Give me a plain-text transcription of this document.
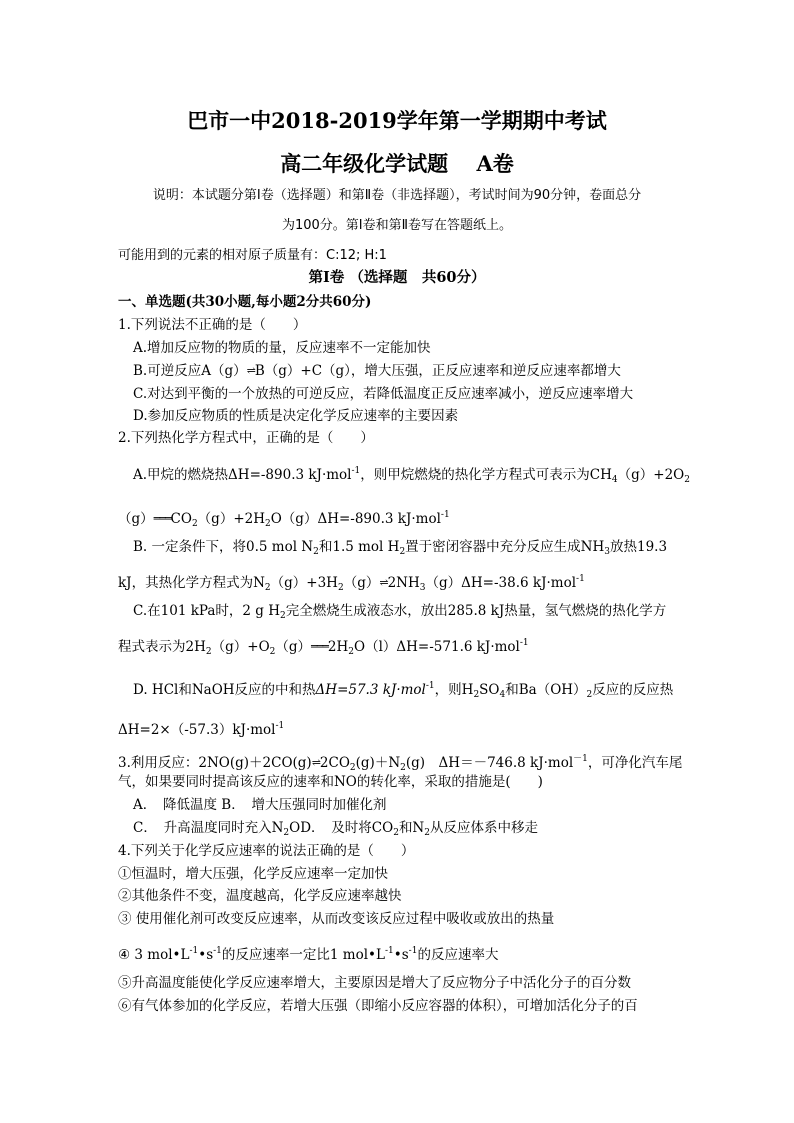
巴市一中2018-2019学年第一学期期中考试
高二年级化学试题　 A卷
说明：本试题分第Ⅰ卷（选择题）和第Ⅱ卷（非选择题），考试时间为90分钟，卷面总分
为100分。第Ⅰ卷和第Ⅱ卷写在答题纸上。
可能用到的元素的相对原子质量有：C:12; H:1
第Ⅰ卷 （选择题　共60分）
一、单选题(共30小题,每小题2分共60分)
1.下列说法不正确的是（　　）
A.增加反应物的物质的量，反应速率不一定能加快
B.可逆反应A（g）⇌B（g）+C（g），增大压强，正反应速率和逆反应速率都增大
C.对达到平衡的一个放热的可逆反应，若降低温度正反应速率减小，逆反应速率增大
D.参加反应物质的性质是决定化学反应速率的主要因素
2.下列热化学方程式中，正确的是（　　）
A.甲烷的燃烧热ΔH=-890.3 kJ·mol$^{-1}$，则甲烷燃烧的热化学方程式可表示为$CH_4(g)+2O_2$
$(g)═══CO_2(g)+2H_2O(g)\Delta H=-890.3$ kJ·mol$^{-1}$
B. 一定条件下，将0.5 mol $N_2$和1.5 mol $H_2$置于密闭容器中充分反应生成$NH_3$放热19.3
kJ，其热化学方程式为$N_2(g)+3H_2(g)\rightleftharpoons 2NH_3(g)\Delta H=-38.6$ kJ·mol$^{-1}$
C.在101 kPa时，2 g $H_2$完全燃烧生成液态水，放出285.8 kJ热量，氢气燃烧的热化学方
程式表示为$2H_2(g)+O_2(g)═══2H_2O(l)\Delta H=-571.6$ kJ·mol$^{-1}$
D. HCl和NaOH反应的中和热ΔH=57.3 kJ·mol$^{-1}$，则$H_2SO_4$和$Ba(OH)_2$反应的反应热
ΔH=2×（-57.3）kJ·mol$^{-1}$
3.利用反应：$2NO(g)+2CO(g)\rightleftharpoons 2CO_2(g)+N_2(g)$　ΔH＝－746.8 kJ·mol$^{-1}$，可净化汽车尾
气，如果要同时提高该反应的速率和NO的转化率，采取的措施是(　　)
A．　降低温度 B．　增大压强同时加催化剂
C．　升高温度同时充入$N_2OD$．　及时将$CO_2$和$N_2$从反应体系中移走
4.下列关于化学反应速率的说法正确的是（　　）
①恒温时，增大压强，化学反应速率一定加快
②其他条件不变，温度越高，化学反应速率越快
③ 使用催化剂可改变反应速率，从而改变该反应过程中吸收或放出的热量
④ 3 $mol•L^{-1}•s^{-1}$的反应速率一定比1 $mol•L^{-1}•s^{-1}$的反应速率大
⑤升高温度能使化学反应速率增大，主要原因是增大了反应物分子中活化分子的百分数
⑥有气体参加的化学反应，若增大压强（即缩小反应容器的体积），可增加活化分子的百
